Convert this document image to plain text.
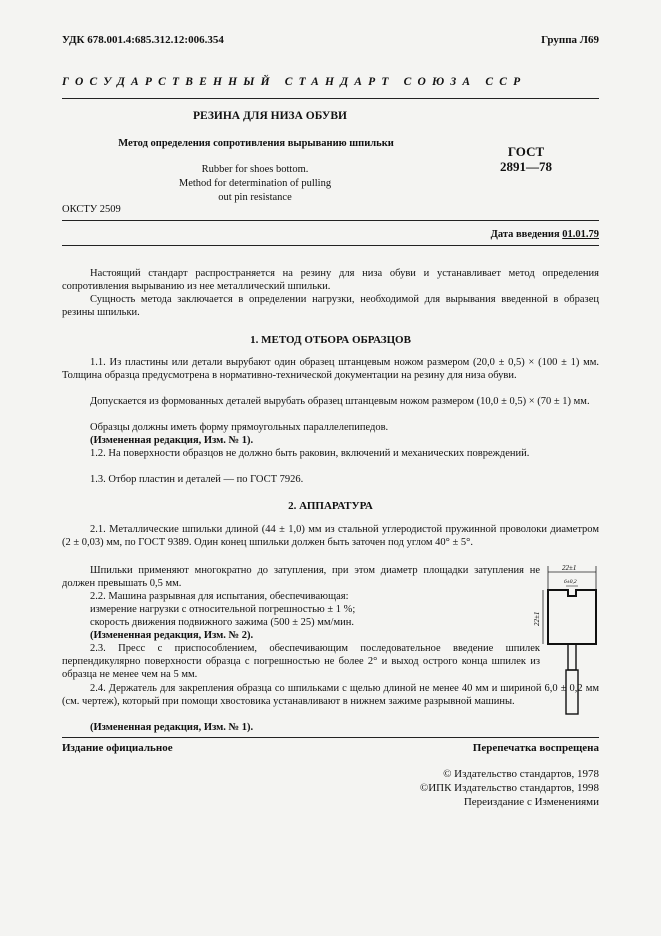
УДК 678.001.4:685.312.12:006.354	Группа Л69
ГОСУДАРСТВЕННЫЙ СТАНДАРТ СОЮЗА ССР
РЕЗИНА ДЛЯ НИЗА ОБУВИ
Метод определения сопротивления вырыванию шпильки
Rubber for shoes bottom.
Method for determination of pulling
out pin resistance
ГОСТ
2891—78
ОКСТУ 2509
Дата введения 01.01.79
Настоящий стандарт распространяется на резину для низа обуви и устанавливает метод определения сопротивления вырыванию из нее металлический шпильки.
Сущность метода заключается в определении нагрузки, необходимой для вырывания введенной в образец резины шпильки.
1. МЕТОД ОТБОРА ОБРАЗЦОВ
1.1. Из пластины или детали вырубают один образец штанцевым ножом размером (20,0 ± 0,5) × (100 ± 1) мм. Толщина образца предусмотрена в нормативно-технической документации на резину для низа обуви.
Допускается из формованных деталей вырубать образец штанцевым ножом размером (10,0 ± 0,5) × (70 ± 1) мм.
Образцы должны иметь форму прямоугольных параллелепипедов.
(Измененная редакция, Изм. № 1).
1.2. На поверхности образцов не должно быть раковин, включений и механических повреждений.
1.3. Отбор пластин и деталей — по ГОСТ 7926.
2. АППАРАТУРА
2.1. Металлические шпильки длиной (44 ± 1,0) мм из стальной углеродистой пружинной проволоки диаметром (2 ± 0,03) мм, по ГОСТ 9389. Один конец шпильки должен быть заточен под углом 40° ± 5°.
Шпильки применяют многократно до затупления, при этом диаметр площадки затупления не должен превышать 0,5 мм.
2.2. Машина разрывная для испытания, обеспечивающая:
измерение нагрузки с относительной погрешностью ± 1 %;
скорость движения подвижного зажима (500 ± 25) мм/мин.
(Измененная редакция, Изм. № 2).
2.3. Пресс с приспособлением, обеспечивающим последовательное введение шпилек перпендикулярно поверхности образца с погрешностью не более 2° и выход острого конца шпилек из образца не менее чем на 5 мм.
2.4. Держатель для закрепления образца со шпильками с щелью длиной не менее 40 мм и шириной 6,0 ± 0,2 мм (см. чертеж), который при помощи хвостовика устанавливают в нижнем зажиме разрывной машины.
(Измененная редакция, Изм. № 1).
22±1
6±0,2
22±1
Издание официальное	Перепечатка воспрещена
© Издательство стандартов, 1978
©ИПК Издательство стандартов, 1998
Переиздание с Изменениями
